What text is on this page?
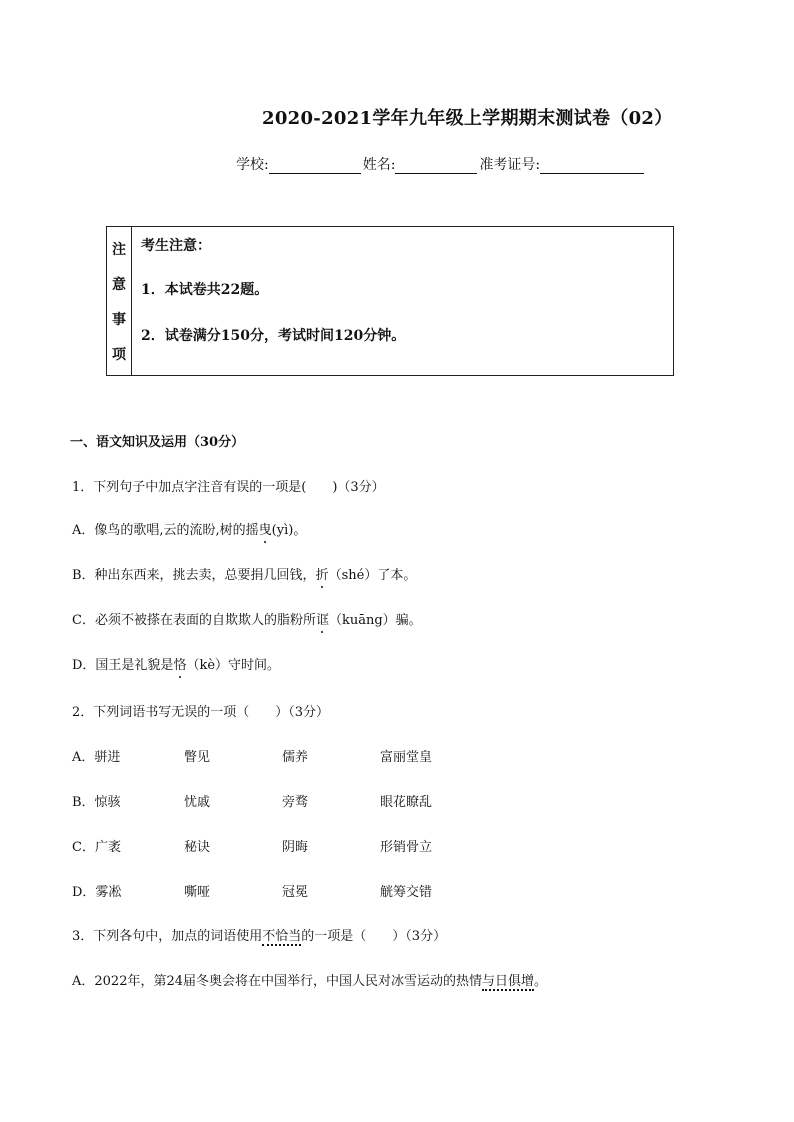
2020-2021学年九年级上学期期末测试卷（02）
学校:	姓名:	准考证号:
注
意
事
项
考生注意：
1．本试卷共22题。
2．试卷满分150分，考试时间120分钟。
一、语文知识及运用（30分）
1．下列句子中加点字注音有误的一项是(　　)（3分）
A．像鸟的歌唱,云的流盼,树的摇曳(yì)。
B．种出东西来，挑去卖，总要捐几回钱，折（shé）了本。
C．必须不被搽在表面的自欺欺人的脂粉所诓（kuāng）骗。
D．国王是礼貌是恪（kè）守时间。
2．下列词语书写无误的一项（　　）（3分）
A．骈进	瞥见	儒养	富丽堂皇
B．惊骇	忧戚	旁骛	眼花瞭乱
C．广袤	秘诀	阴晦	形销骨立
D．雾凇	嘶哑	冠冕	觥筹交错
3．下列各句中，加点的词语使用不恰当的一项是（　　）（3分）
A．2022年，第24届冬奥会将在中国举行，中国人民对冰雪运动的热情与日俱增。
